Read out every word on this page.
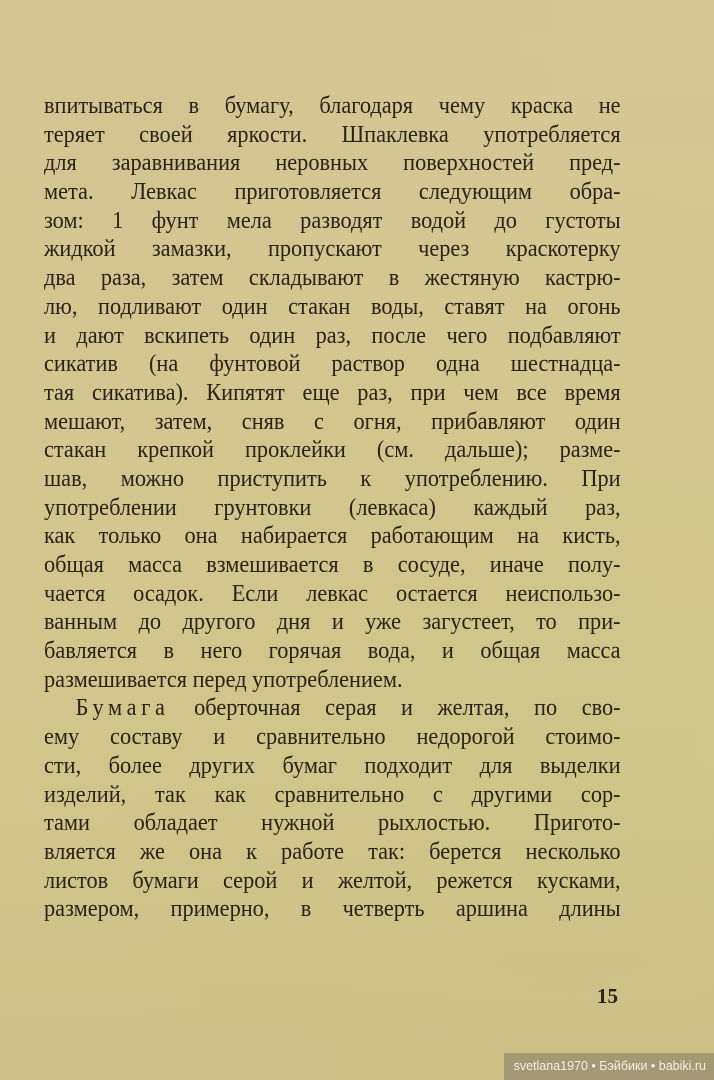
впитываться в бумагу, благодаря чему краска не
теряет своей яркости. Шпаклевка употребляется
для заравнивания неровных поверхностей пред-
мета. Левкас приготовляется следующим обра-
зом: 1 фунт мела разводят водой до густоты
жидкой замазки, пропускают через краскотерку
два раза, затем складывают в жестяную кастрю-
лю, подливают один стакан воды, ставят на огонь
и дают вскипеть один раз, после чего подбавляют
сикатив (на фунтовой раствор одна шестнадца-
тая сикатива). Кипятят еще раз, при чем все время
мешают, затем, сняв с огня, прибавляют один
стакан крепкой проклейки (см. дальше); разме-
шав, можно приступить к употреблению. При
употреблении грунтовки (левкаса) каждый раз,
как только она набирается работающим на кисть,
общая масса взмешивается в сосуде, иначе полу-
чается осадок. Если левкас остается неиспользо-
ванным до другого дня и уже загустеет, то при-
бавляется в него горячая вода, и общая масса
размешивается перед употреблением.
Бумага оберточная серая и желтая, по сво-
ему составу и сравнительно недорогой стоимо-
сти, более других бумаг подходит для выделки
изделий, так как сравнительно с другими сор-
тами обладает нужной рыхлостью. Пригото-
вляется же она к работе так: берется несколько
листов бумаги серой и желтой, режется кусками,
размером, примерно, в четверть аршина длины
15
svetlana1970 • Бэйбики • babiki.ru
